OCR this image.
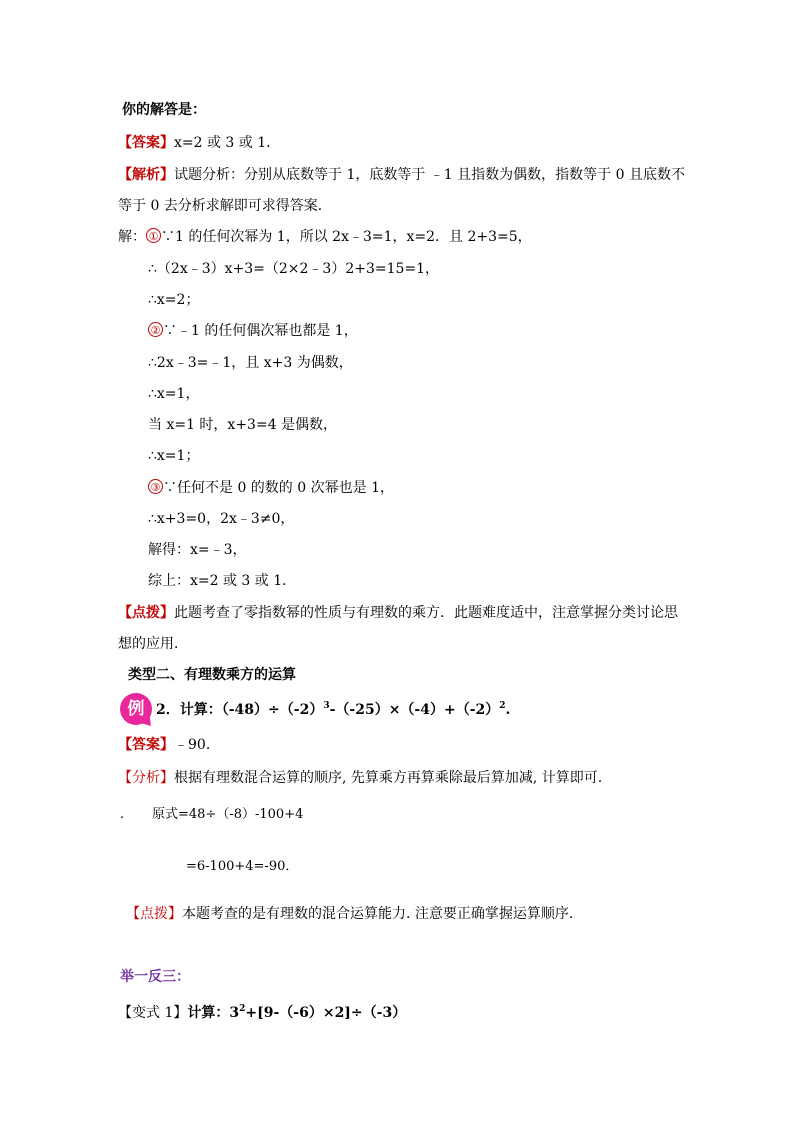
你的解答是：
【答案】x=2 或 3 或 1．
【解析】试题分析：分别从底数等于 1，底数等于 ﹣1 且指数为偶数，指数等于 0 且底数不
等于 0 去分析求解即可求得答案．
解： ① ∵1 的任何次幂为 1，所以 2x﹣3=1，x=2．且 2+3=5，
∴（2x﹣3）x+3=（2×2﹣3）2+3=15=1，
∴x=2；
② ∵﹣1 的任何偶次幂也都是 1，
∴2x﹣3=﹣1，且 x+3 为偶数，
∴x=1，
当 x=1 时，x+3=4 是偶数，
∴x=1；
③ ∵任何不是 0 的数的 0 次幂也是 1，
∴x+3=0，2x﹣3≠0，
解得：x=﹣3，
综上：x=2 或 3 或 1．
【点拨】此题考查了零指数幂的性质与有理数的乘方．此题难度适中，注意掌握分类讨论思
想的应用．
类型二、有理数乘方的运算
例 2．计算：$(-48)\div(-2)^3-(-25)\times(-4)+(-2)^2$.
【答案】﹣90.
【分析】根据有理数混合运算的顺序, 先算乘方再算乘除最后算加减, 计算即可.
. 原式=48÷（-8）-100+4
=6-100+4=-90．
【点拨】本题考查的是有理数的混合运算能力. 注意要正确掌握运算顺序.
举一反三：
【变式 1】计算：$3^2+[9-(-6)\times 2]\div(-3)$
